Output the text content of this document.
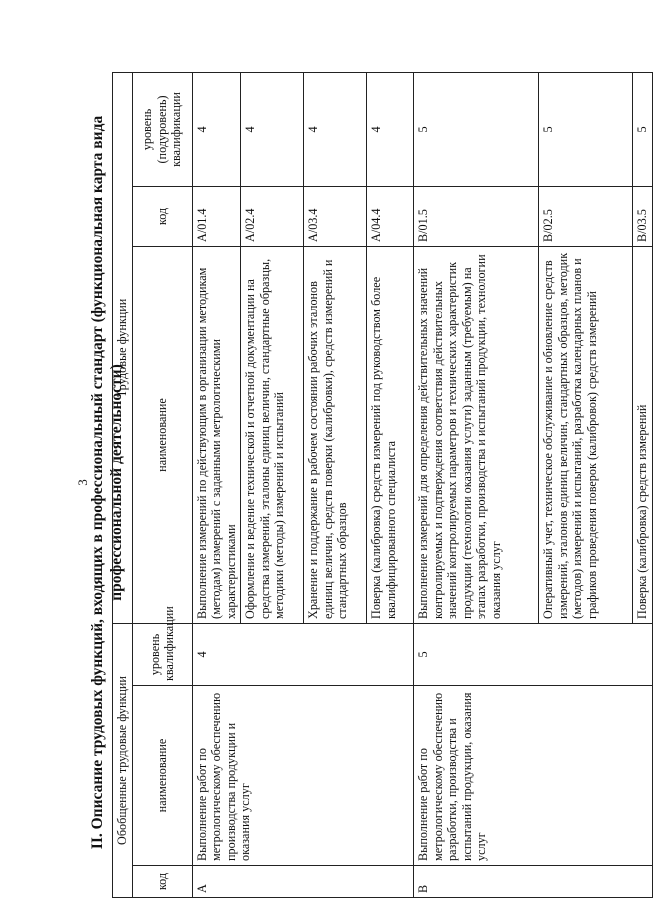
3 II. Описание трудовых функций, входящих в профессиональный стандарт (функциональная карта вида профессиональной деятельности)
Обобщенные трудовые функции			Трудовые функции		
код	наименование	уровень квалификации	наименование	код	уровень (подуровень) квалификации
A	Выполнение работ по метрологическому обеспечению производства продукции и оказания услуг	4	Выполнение измерений по действующим в организации методикам (методам) измерений с заданными метрологическими характеристиками	A/01.4	4
			Оформление и ведение технической и отчетной документации на средства измерений, эталоны единиц величин, стандартные образцы, методики (методы) измерений и испытаний	A/02.4	4
			Хранение и поддержание в рабочем состоянии рабочих эталонов единиц величин, средств поверки (калибровки), средств измерений и стандартных образцов	A/03.4	4
			Поверка (калибровка) средств измерений под руководством более квалифицированного специалиста	A/04.4	4
B	Выполнение работ по метрологическому обеспечению разработки, производства и испытаний продукции, оказания услуг	5	Выполнение измерений для определения действительных значений контролируемых и подтверждения соответствия действительных значений контролируемых параметров и технических характеристик продукции (технологии оказания услуги) заданным (требуемым) на этапах разработки, производства и испытаний продукции, технологии оказания услуг	B/01.5	5
			Оперативный учет, техническое обслуживание и обновление средств измерений, эталонов единиц величин, стандартных образцов, методик (методов) измерений и испытаний, разработка календарных планов и графиков проведения поверок (калибровок) средств измерений	B/02.5	5
			Поверка (калибровка) средств измерений	B/03.5	5
